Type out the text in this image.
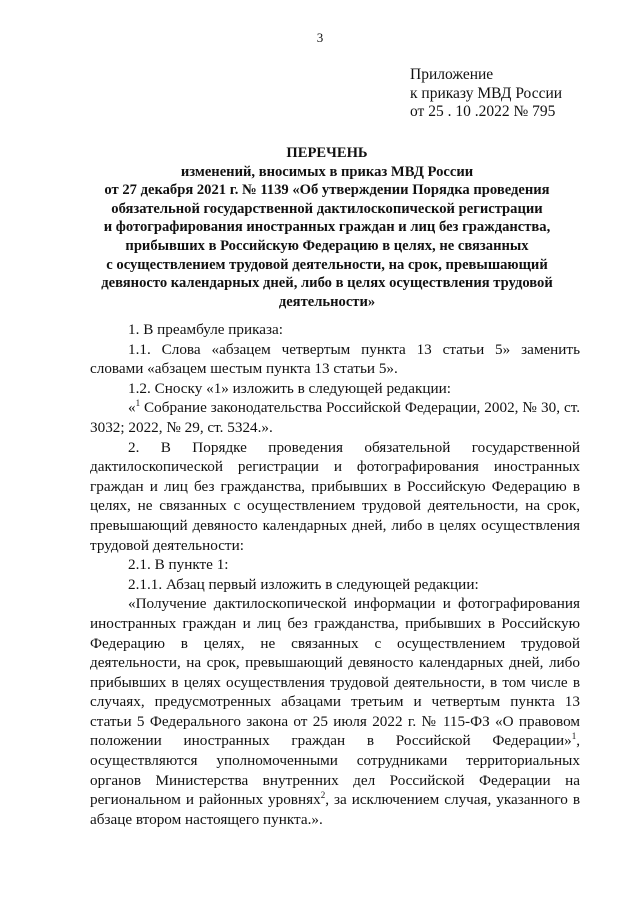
3
Приложение
к приказу МВД России
от 25 . 10 .2022 № 795
ПЕРЕЧЕНЬ
изменений, вносимых в приказ МВД России
от 27 декабря 2021 г. № 1139 «Об утверждении Порядка проведения
обязательной государственной дактилоскопической регистрации
и фотографирования иностранных граждан и лиц без гражданства,
прибывших в Российскую Федерацию в целях, не связанных
с осуществлением трудовой деятельности, на срок, превышающий
девяносто календарных дней, либо в целях осуществления трудовой
деятельности»

1. В преамбуле приказа:

1.1. Слова «абзацем четвертым пункта 13 статьи 5» заменить словами «абзацем шестым пункта 13 статьи 5».

1.2. Сноску «1» изложить в следующей редакции:

«$^1$ Собрание законодательства Российской Федерации, 2002, № 30, ст. 3032; 2022, № 29, ст. 5324.».

2. В Порядке проведения обязательной государственной дактилоскопической регистрации и фотографирования иностранных граждан и лиц без гражданства, прибывших в Российскую Федерацию в целях, не связанных с осуществлением трудовой деятельности, на срок, превышающий девяносто календарных дней, либо в целях осуществления трудовой деятельности:

2.1. В пункте 1:

2.1.1. Абзац первый изложить в следующей редакции:

«Получение дактилоскопической информации и фотографирования иностранных граждан и лиц без гражданства, прибывших в Российскую Федерацию в целях, не связанных с осуществлением трудовой деятельности, на срок, превышающий девяносто календарных дней, либо прибывших в целях осуществления трудовой деятельности, в том числе в случаях, предусмотренных абзацами третьим и четвертым пункта 13 статьи 5 Федерального закона от 25 июля 2022 г. № 115-ФЗ «О правовом положении иностранных граждан в Российской Федерации»$^1$, осуществляются уполномоченными сотрудниками территориальных органов Министерства внутренних дел Российской Федерации на региональном и районных уровнях$^2$, за исключением случая, указанного в абзаце втором настоящего пункта.».
